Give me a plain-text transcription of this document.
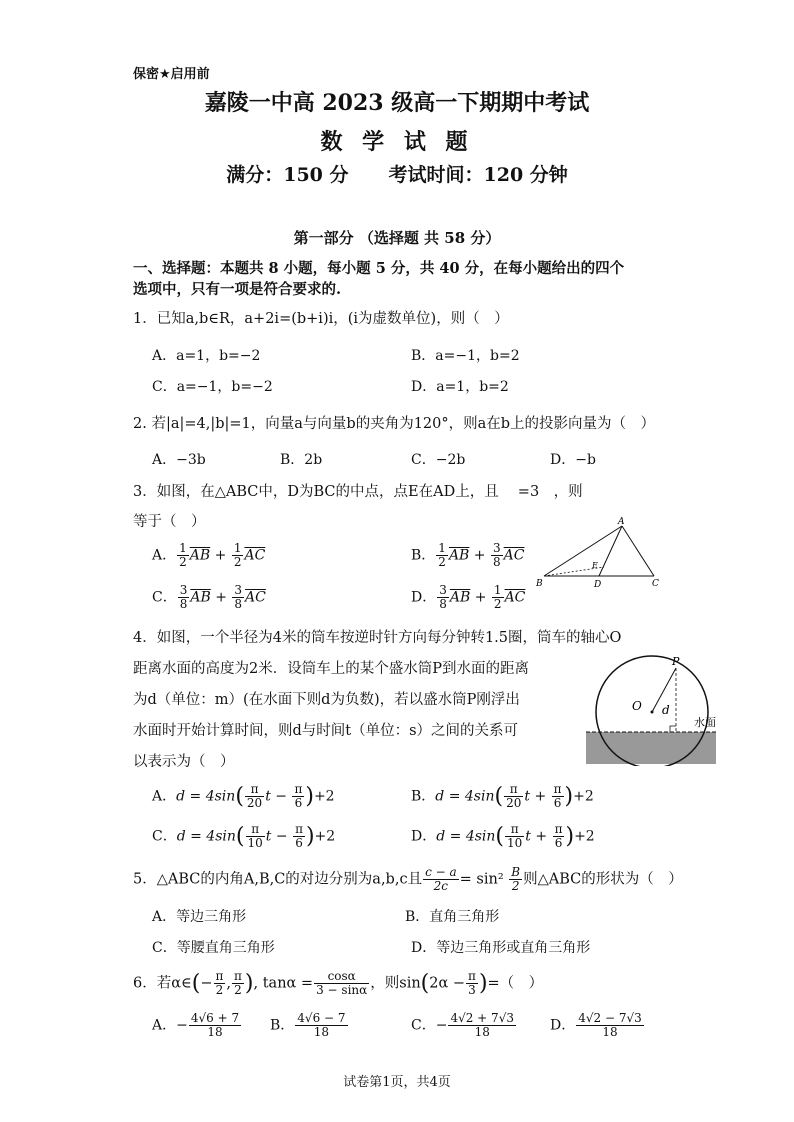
保密★启用前
嘉陵一中高 2023 级高一下期期中考试
数 学 试 题
满分：150 分 考试时间：120 分钟
第一部分 （选择题 共 58 分）
一、选择题：本题共 8 小题，每小题 5 分，共 40 分，在每小题给出的四个
选项中，只有一项是符合要求的.
1．已知a,b∈R，a+2i=(b+i)i，(i为虚数单位)，则（　）
A．a=1，b=−2	B．a=−1，b=2
C．a=−1，b=−2	D．a=1，b=2
2. 若|a|=4,|b|=1，向量a与向量b的夹角为120°，则a在b上的投影向量为（　）
A．−3b	B．2b	C．−2b	D．−b
3．如图，在△ABC中，D为BC的中点，点E在AD上，且　 =3　，则
等于（　）
A． $\frac{1}{2} \overline{AB} + \frac{1}{2} \overline{AC}$	B． $\frac{1}{2} \overline{AB} + \frac{3}{8} \overline{AC}$
C． $\frac{3}{8} \overline{AB} + \frac{3}{8} \overline{AC}$	D． $\frac{3}{8} \overline{AB} + \frac{1}{2} \overline{AC}$
A
B	C
D
E
4．如图，一个半径为4米的筒车按逆时针方向每分钟转1.5圈，筒车的轴心O
距离水面的高度为2米．设筒车上的某个盛水筒P到水面的距离
为d（单位：m）(在水面下则d为负数)，若以盛水筒P刚浮出
水面时开始计算时间，则d与时间t（单位：s）之间的关系可
以表示为（　）
A．$d = 4\sin( \frac{\pi}{20}$ $t - \frac{\pi}{6} )+2$	B．$d = 4\sin( \frac{\pi}{20}$ $t + \frac{\pi}{6} )+2$
C．$d = 4\sin( \frac{\pi}{10}$ $t - \frac{\pi}{6} )+2$	D．$d = 4\sin( \frac{\pi}{10}$ $t + \frac{\pi}{6} )+2$
P
O d
水面
5．△ABC的内角A,B,C的对边分别为a,b,c且 $\frac{c - a}{2c} = \sin^2 \frac{B}{2}$ 则△ABC的形状为（　）
A．等边三角形	B．直角三角形
C．等腰直角三角形	D．等边三角形或直角三角形
6．若α∈(− $\frac{\pi}{2}$ , $\frac{\pi}{2}$ ), $\tan\alpha = \frac{\cos\alpha}{3 - \sin\alpha}$ ，则$\sin(2\alpha - \frac{\pi}{3}$ )=（　）
A．− $\frac{4√6 + 7}{18}$ B． $\frac{4√6 - 7}{18}$	C．− $\frac{4√2 + 7√3}{18}$ D． $\frac{4√2 - 7√3}{18}$
试卷第1页，共4页
